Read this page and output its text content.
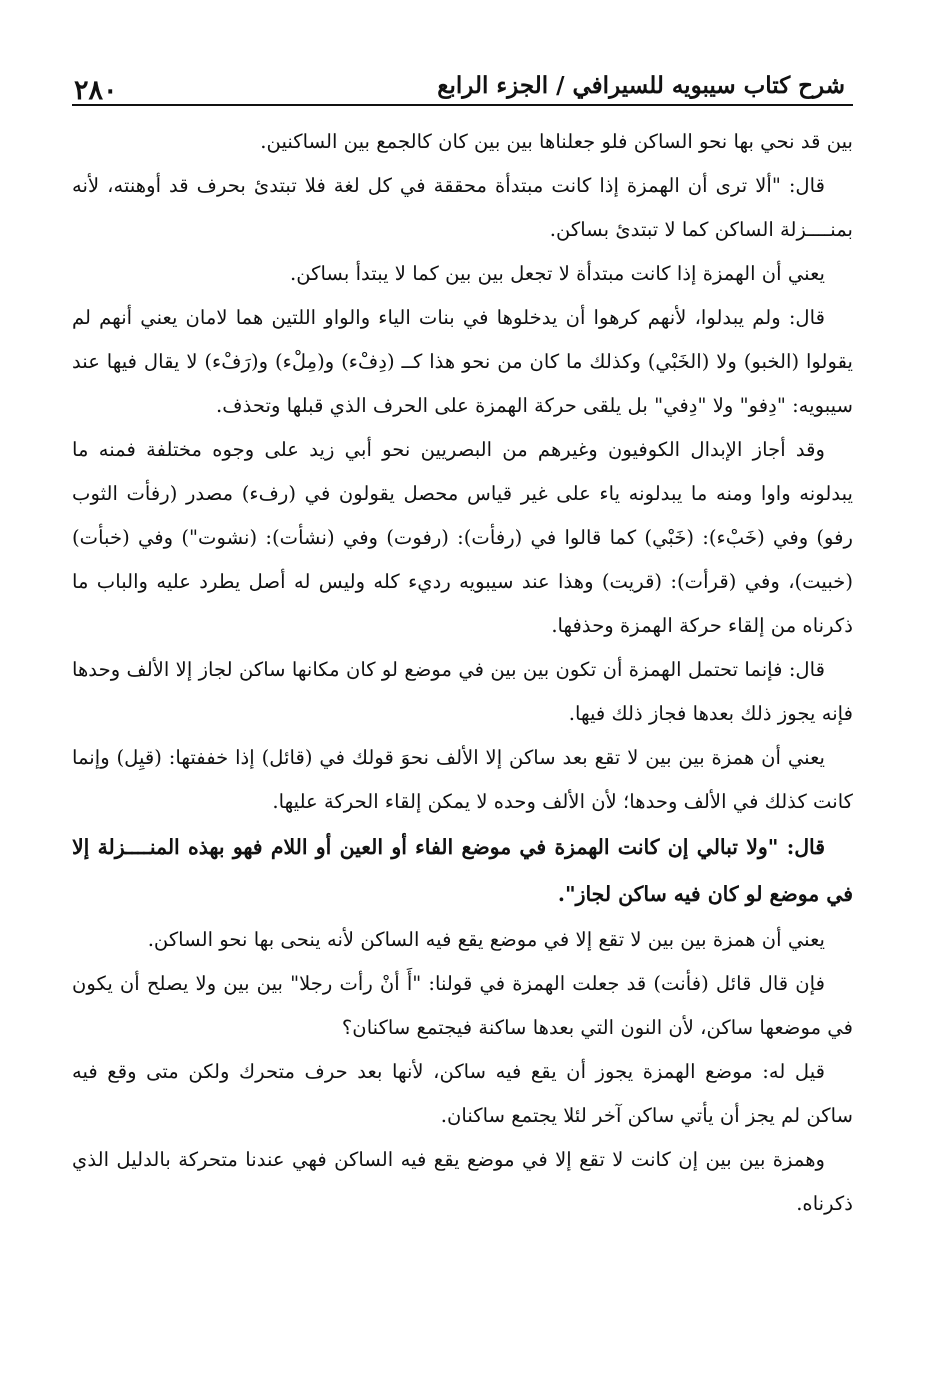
شرح كتاب سيبويه للسيرافي / الجزء الرابع
٢٨٠

بين قد نحي بها نحو الساكن فلو جعلناها بين بين كان كالجمع بين الساكنين.

قال: "ألا ترى أن الهمزة إذا كانت مبتدأة محققة في كل لغة فلا تبتدئ بحرف قد أوهنته، لأنه بمنــــزلة الساكن كما لا تبتدئ بساكن.

يعني أن الهمزة إذا كانت مبتدأة لا تجعل بين بين كما لا يبتدأ بساكن.

قال: ولم يبدلوا، لأنهم كرهوا أن يدخلوها في بنات الياء والواو اللتين هما لامان يعني أنهم لم يقولوا (الخبو) ولا (الخَبْي) وكذلك ما كان من نحو هذا كــ (دِفْء) و(مِلْء) و(رَفْء) لا يقال فيها عند سيبويه: "دِفو" ولا "دِفي" بل يلقى حركة الهمزة على الحرف الذي قبلها وتحذف.

وقد أجاز الإبدال الكوفيون وغيرهم من البصريين نحو أبي زيد على وجوه مختلفة فمنه ما يبدلونه واوا ومنه ما يبدلونه ياء على غير قياس محصل يقولون في (رفء) مصدر (رفأت الثوب رفو) وفي (خَبْء): (خَبْي) كما قالوا في (رفأت): (رفوت) وفي (نشأت): (نشوت") وفي (خبأت) (خبيت)، وفي (قرأت): (قريت) وهذا عند سيبويه رديء كله وليس له أصل يطرد عليه والباب ما ذكرناه من إلقاء حركة الهمزة وحذفها.

قال: فإنما تحتمل الهمزة أن تكون بين بين في موضع لو كان مكانها ساكن لجاز إلا الألف وحدها فإنه يجوز ذلك بعدها فجاز ذلك فيها.

يعني أن همزة بين بين لا تقع بعد ساكن إلا الألف نحوَ قولك في (قائل) إذا خففتها: (قيِل) وإنما كانت كذلك في الألف وحدها؛ لأن الألف وحده لا يمكن إلقاء الحركة عليها.

قال: "ولا تبالي إن كانت الهمزة في موضع الفاء أو العين أو اللام فهو بهذه المنــــزلة إلا في موضع لو كان فيه ساكن لجاز".

يعني أن همزة بين بين لا تقع إلا في موضع يقع فيه الساكن لأنه ينحى بها نحو الساكن.

فإن قال قائل (فأنت) قد جعلت الهمزة في قولنا: "أَ أنْ رأت رجلا" بين بين ولا يصلح أن يكون في موضعها ساكن، لأن النون التي بعدها ساكنة فيجتمع ساكنان؟

قيل له: موضع الهمزة يجوز أن يقع فيه ساكن، لأنها بعد حرف متحرك ولكن متى وقع فيه ساكن لم يجز أن يأتي ساكن آخر لئلا يجتمع ساكنان.

وهمزة بين بين إن كانت لا تقع إلا في موضع يقع فيه الساكن فهي عندنا متحركة بالدليل الذي ذكرناه.
